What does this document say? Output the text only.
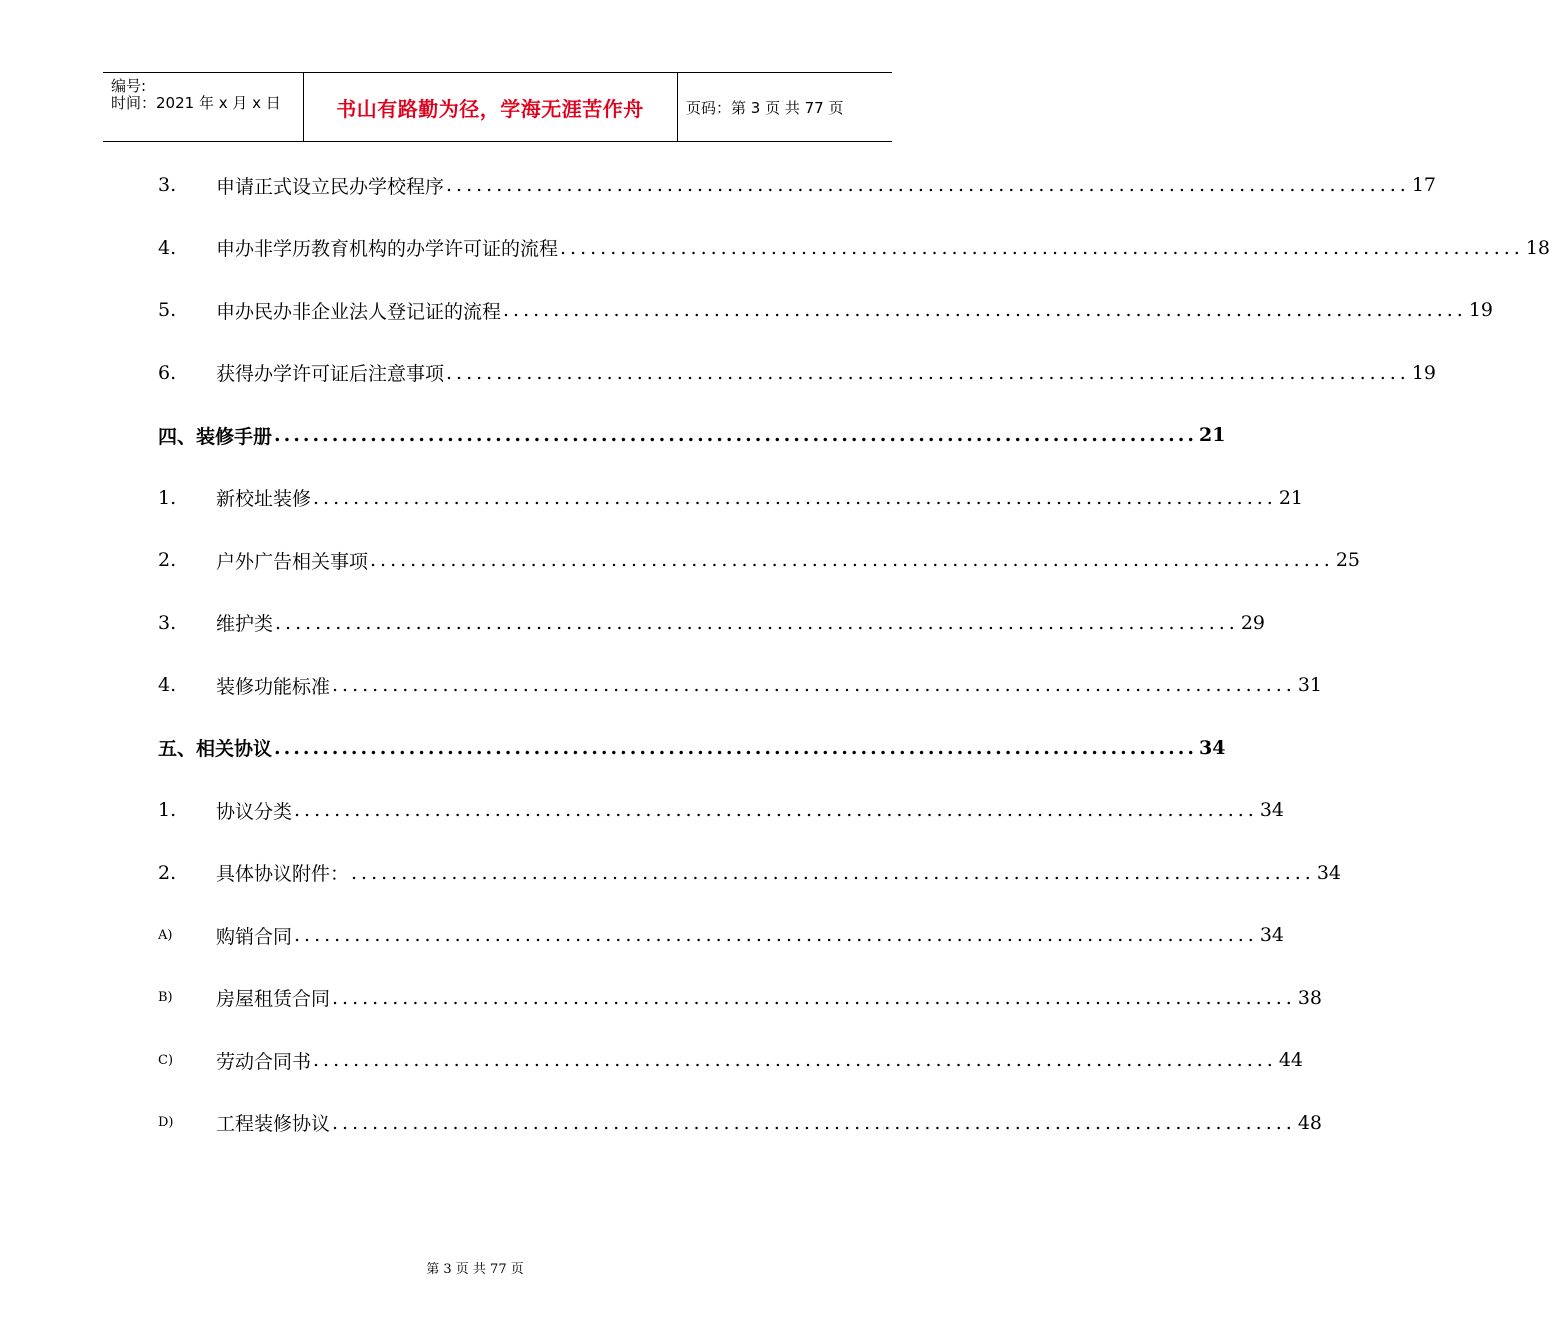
编号:
时间：2021 年 x 月 x 日	书山有路勤为径，学海无涯苦作舟	页码：第 3 页 共 77 页
3.	申请正式设立民办学校程序 ................................................................................................ 17
4.	申办非学历教育机构的办学许可证的流程 ................................................................................................ 18
5.	申办民办非企业法人登记证的流程 ................................................................................................ 19
6.	获得办学许可证后注意事项 ................................................................................................ 19
四、装修手册 ................................................................................................ 21
1.	新校址装修 ................................................................................................ 21
2.	户外广告相关事项 ................................................................................................ 25
3.	维护类 ................................................................................................ 29
4.	装修功能标准 ................................................................................................ 31
五、相关协议 ................................................................................................ 34
1.	协议分类 ................................................................................................ 34
2.	具体协议附件： ................................................................................................ 34
A)	购销合同 ................................................................................................ 34
B)	房屋租赁合同 ................................................................................................ 38
C)	劳动合同书 ................................................................................................ 44
D)	工程装修协议 ................................................................................................ 48
第 3 页 共 77 页
